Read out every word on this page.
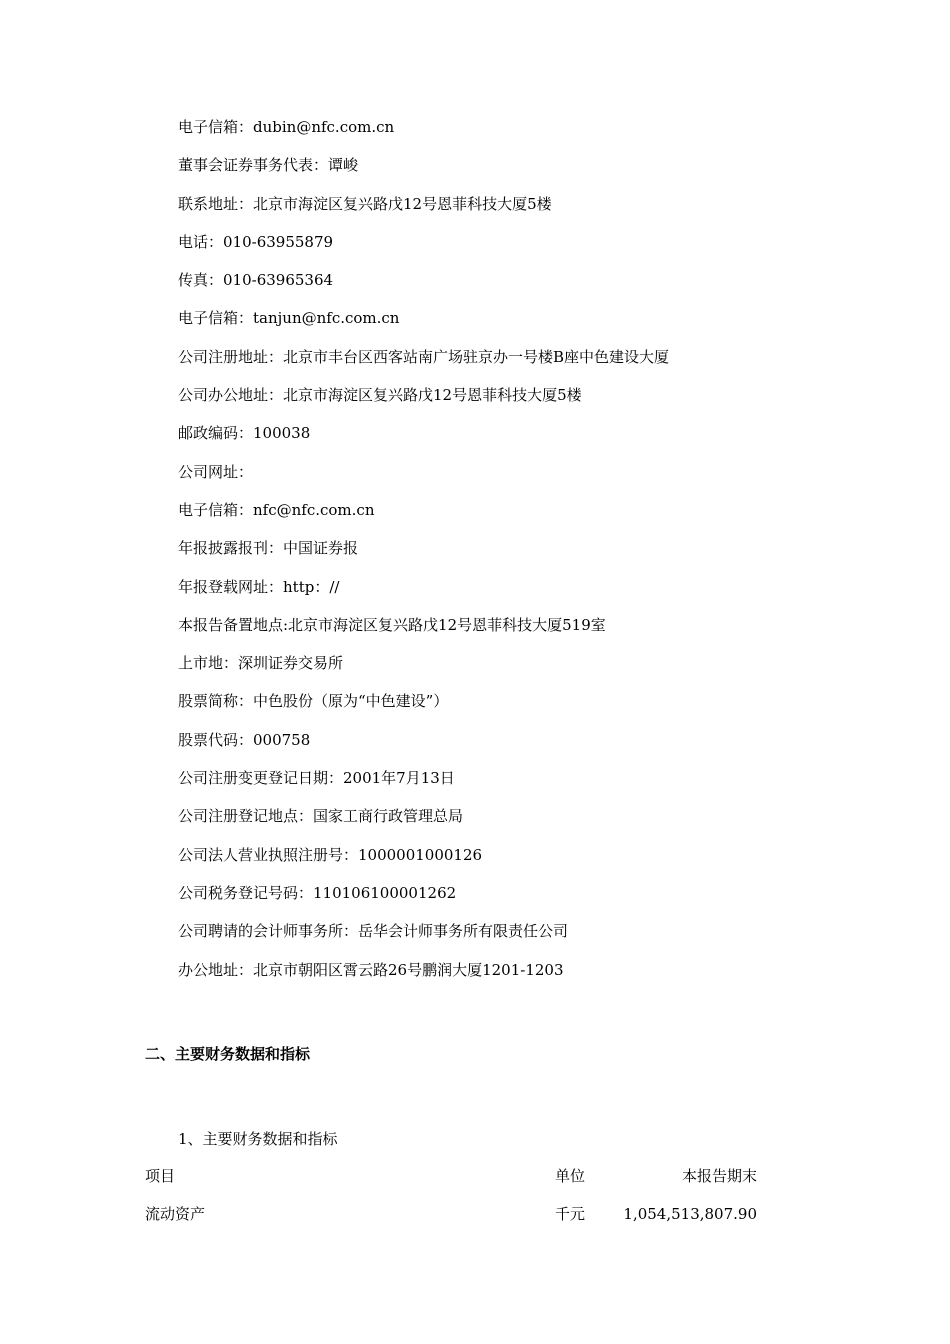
电子信箱：dubin@nfc.com.cn
董事会证券事务代表：谭峻
联系地址：北京市海淀区复兴路戊12号恩菲科技大厦5楼
电话：010-63955879
传真：010-63965364
电子信箱：tanjun@nfc.com.cn
公司注册地址：北京市丰台区西客站南广场驻京办一号楼B座中色建设大厦
公司办公地址：北京市海淀区复兴路戊12号恩菲科技大厦5楼
邮政编码：100038
公司网址：
电子信箱：nfc@nfc.com.cn
年报披露报刊：中国证券报
年报登载网址：http：//
本报告备置地点:北京市海淀区复兴路戊12号恩菲科技大厦519室
上市地：深圳证券交易所
股票简称：中色股份（原为“中色建设”）
股票代码：000758
公司注册变更登记日期：2001年7月13日
公司注册登记地点：国家工商行政管理总局
公司法人营业执照注册号：1000001000126
公司税务登记号码：110106100001262
公司聘请的会计师事务所：岳华会计师事务所有限责任公司
办公地址：北京市朝阳区霄云路26号鹏润大厦1201-1203
二、主要财务数据和指标
1、主要财务数据和指标
项目	单位	本报告期末
流动资产	千元	1,054,513,807.90
